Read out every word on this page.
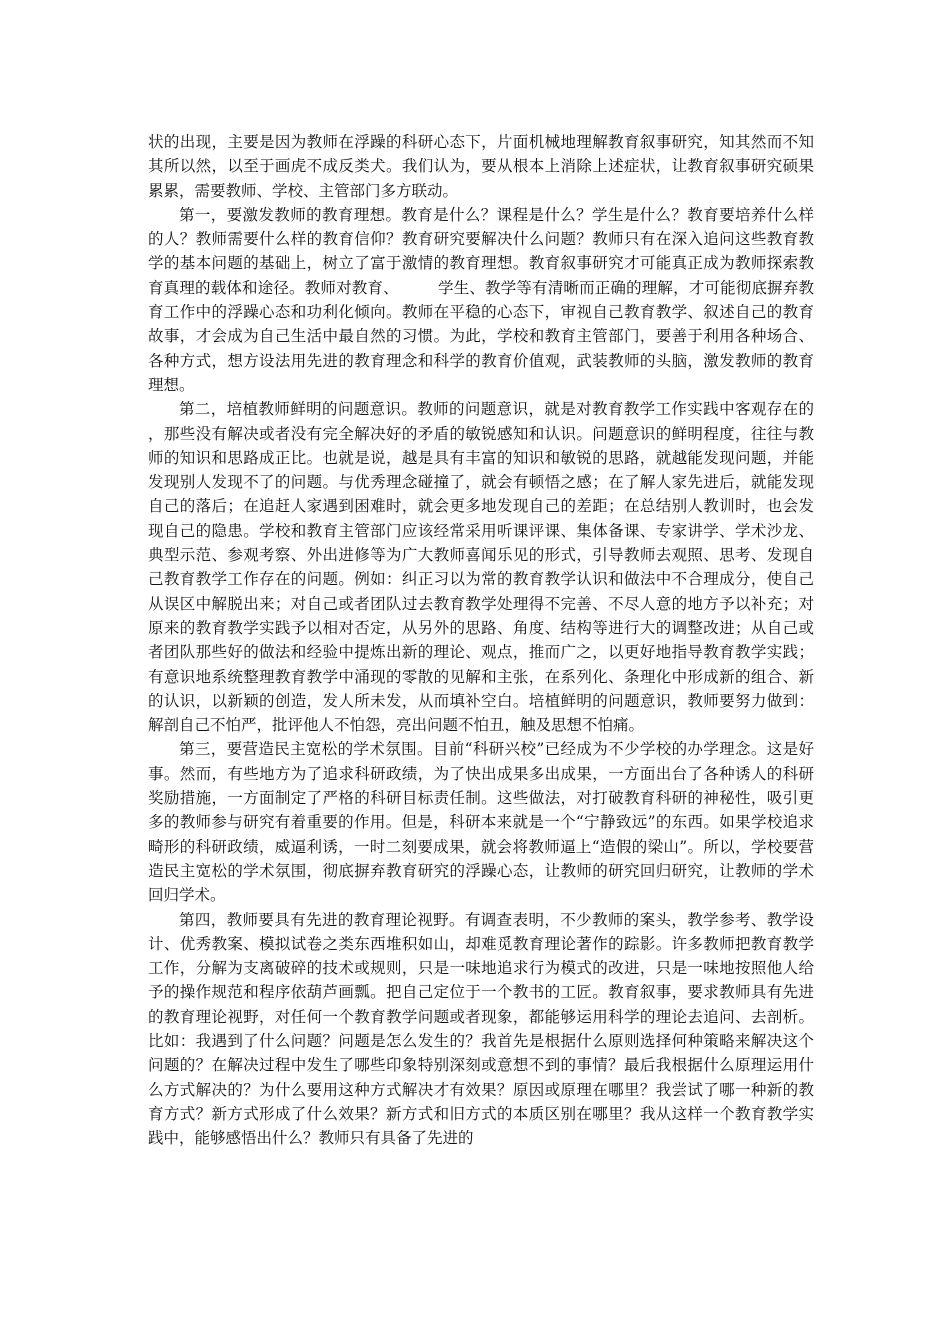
状的出现，主要是因为教师在浮躁的科研心态下，片面机械地理解教育叙事研究，知其然而不知其所以然，以至于画虎不成反类犬。我们认为，要从根本上消除上述症状，让教育叙事研究硕果累累，需要教师、学校、主管部门多方联动。

第一，要激发教师的教育理想。教育是什么？课程是什么？学生是什么？教育要培养什么样的人？教师需要什么样的教育信仰？教育研究要解决什么问题？教师只有在深入追问这些教育教学的基本问题的基础上，树立了富于激情的教育理想。教育叙事研究才可能真正成为教师探索教育真理的载体和途径。教师对教育、　　　学生、教学等有清晰而正确的理解，才可能彻底摒弃教育工作中的浮躁心态和功利化倾向。教师在平稳的心态下，审视自己教育教学、叙述自己的教育故事，才会成为自己生活中最自然的习惯。为此，学校和教育主管部门，要善于利用各种场合、各种方式，想方设法用先进的教育理念和科学的教育价值观，武装教师的头脑，激发教师的教育理想。

第二，培植教师鲜明的问题意识。教师的问题意识，就是对教育教学工作实践中客观存在的，那些没有解决或者没有完全解决好的矛盾的敏锐感知和认识。问题意识的鲜明程度，往往与教师的知识和思路成正比。也就是说，越是具有丰富的知识和敏锐的思路，就越能发现问题，并能发现别人发现不了的问题。与优秀理念碰撞了，就会有顿悟之感；在了解人家先进后，就能发现自己的落后；在追赶人家遇到困难时，就会更多地发现自己的差距；在总结别人教训时，也会发现自己的隐患。学校和教育主管部门应该经常采用听课评课、集体备课、专家讲学、学术沙龙、典型示范、参观考察、外出进修等为广大教师喜闻乐见的形式，引导教师去观照、思考、发现自己教育教学工作存在的问题。例如：纠正习以为常的教育教学认识和做法中不合理成分，使自己从误区中解脱出来；对自己或者团队过去教育教学处理得不完善、不尽人意的地方予以补充；对原来的教育教学实践予以相对否定，从另外的思路、角度、结构等进行大的调整改进；从自己或者团队那些好的做法和经验中提炼出新的理论、观点，推而广之，以更好地指导教育教学实践；有意识地系统整理教育教学中涌现的零散的见解和主张，在系列化、条理化中形成新的组合、新的认识，以新颖的创造，发人所未发，从而填补空白。培植鲜明的问题意识，教师要努力做到：解剖自己不怕严，批评他人不怕怨，亮出问题不怕丑，触及思想不怕痛。

第三，要营造民主宽松的学术氛围。目前“科研兴校”已经成为不少学校的办学理念。这是好事。然而，有些地方为了追求科研政绩，为了快出成果多出成果，一方面出台了各种诱人的科研奖励措施，一方面制定了严格的科研目标责任制。这些做法，对打破教育科研的神秘性，吸引更多的教师参与研究有着重要的作用。但是，科研本来就是一个“宁静致远”的东西。如果学校追求畸形的科研政绩，威逼利诱，一时二刻要成果，就会将教师逼上“造假的梁山”。所以，学校要营造民主宽松的学术氛围，彻底摒弃教育研究的浮躁心态，让教师的研究回归研究，让教师的学术回归学术。

第四，教师要具有先进的教育理论视野。有调查表明，不少教师的案头，教学参考、教学设计、优秀教案、模拟试卷之类东西堆积如山，却难觅教育理论著作的踪影。许多教师把教育教学工作，分解为支离破碎的技术或规则，只是一味地追求行为模式的改进，只是一味地按照他人给予的操作规范和程序依葫芦画瓢。把自己定位于一个教书的工匠。教育叙事，要求教师具有先进的教育理论视野，对任何一个教育教学问题或者现象，都能够运用科学的理论去追问、去剖析。比如：我遇到了什么问题？问题是怎么发生的？我首先是根据什么原则选择何种策略来解决这个问题的？在解决过程中发生了哪些印象特别深刻或意想不到的事情？最后我根据什么原理运用什么方式解决的？为什么要用这种方式解决才有效果？原因或原理在哪里？我尝试了哪一种新的教育方式？新方式形成了什么效果？新方式和旧方式的本质区别在哪里？我从这样一个教育教学实践中，能够感悟出什么？教师只有具备了先进的
